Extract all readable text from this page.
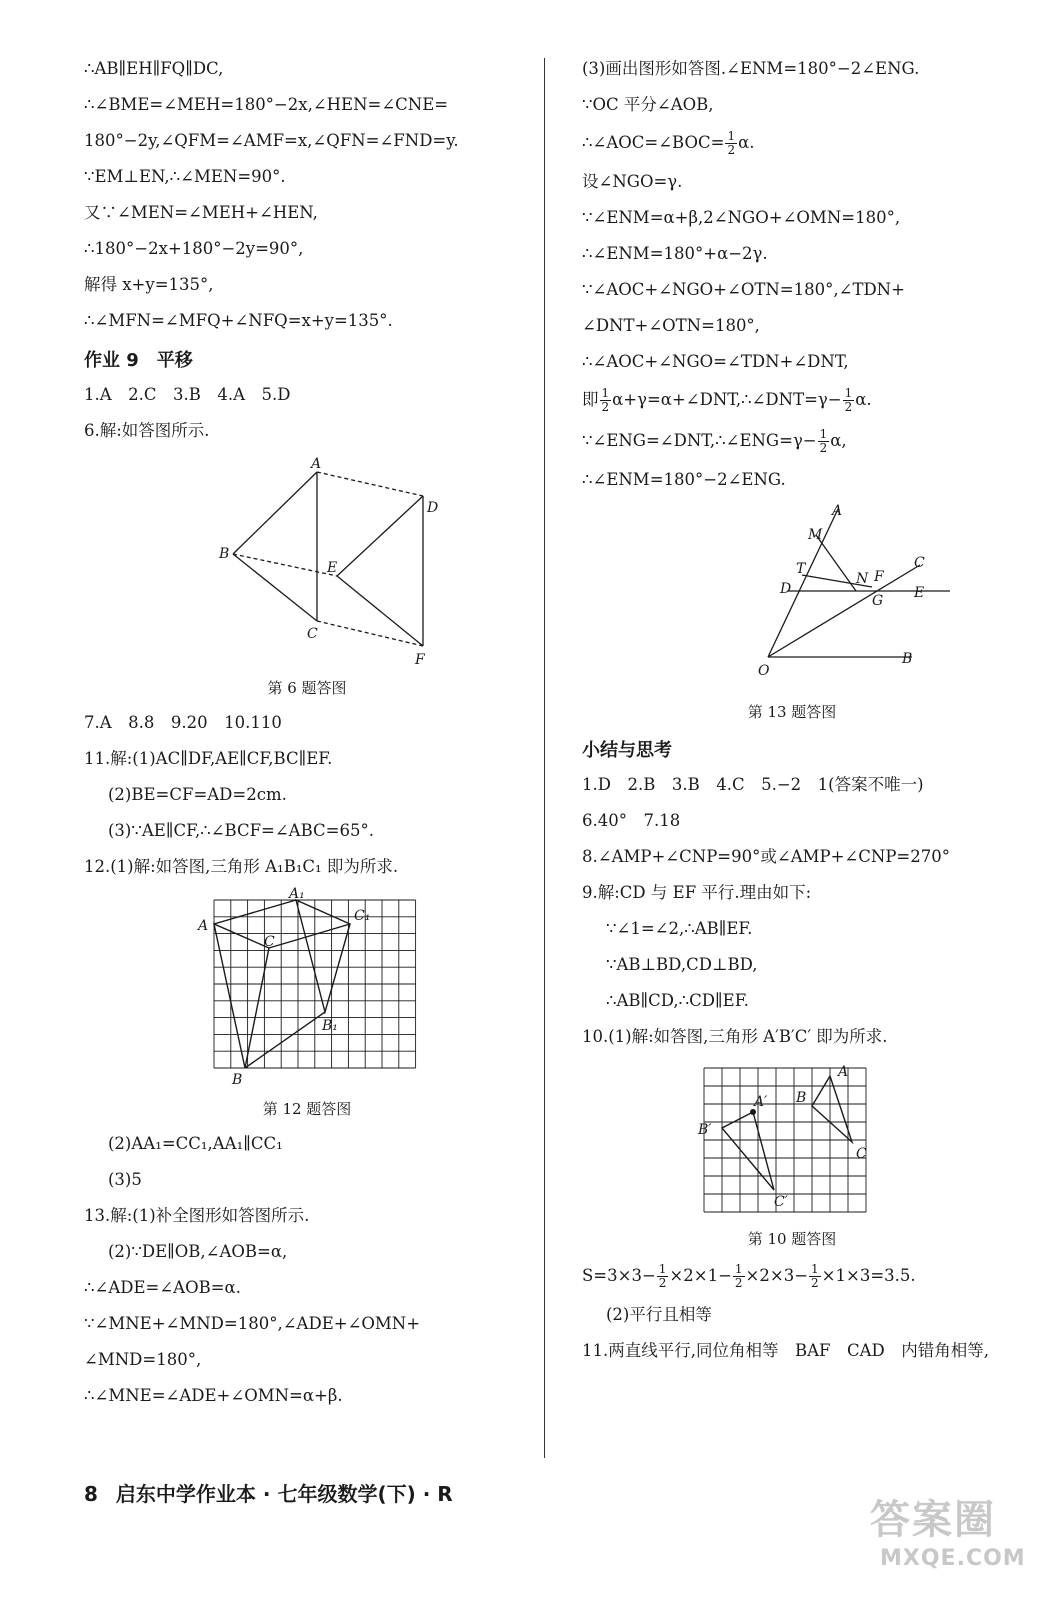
∴AB∥EH∥FQ∥DC,

∴∠BME=∠MEH=180°−2x,∠HEN=∠CNE=

180°−2y,∠QFM=∠AMF=x,∠QFN=∠FND=y.

∵EM⊥EN,∴∠MEN=90°.

又∵∠MEN=∠MEH+∠HEN,

∴180°−2x+180°−2y=90°,

解得 x+y=135°,

∴∠MFN=∠MFQ+∠NFQ=x+y=135°.

作业 9　平移

1.A　2.C　3.B　4.A　5.D

6.解:如答图所示.

A
B
C
D
E
F

第 6 题答图

7.A　8.8　9.20　10.110

11.解:(1)AC∥DF,AE∥CF,BC∥EF.

(2)BE=CF=AD=2cm.

(3)∵AE∥CF,∴∠BCF=∠ABC=65°.

12.(1)解:如答图,三角形 A₁B₁C₁ 即为所求.

A
A₁
B
B₁
C
C₁

第 12 题答图

(2)AA₁=CC₁,AA₁∥CC₁

(3)5

13.解:(1)补全图形如答图所示.

(2)∵DE∥OB,∠AOB=α,

∴∠ADE=∠AOB=α.

∵∠MNE+∠MND=180°,∠ADE+∠OMN+

∠MND=180°,

∴∠MNE=∠ADE+∠OMN=α+β.

(3)画出图形如答图.∠ENM=180°−2∠ENG.

∵OC 平分∠AOB,

∴∠AOC=∠BOC= $\frac{1}{2} \alpha$.

设∠NGO=γ.

∵∠ENM=α+β,2∠NGO+∠OMN=180°,

∴∠ENM=180°+α−2γ.

∵∠AOC+∠NGO+∠OTN=180°,∠TDN+

∠DNT+∠OTN=180°,

∴∠AOC+∠NGO=∠TDN+∠DNT,

即 $\frac{1}{2}$ α+γ=α+∠DNT,∴∠DNT=γ− $\frac{1}{2} \alpha$.

∵∠ENG=∠DNT,∴∠ENG=γ− $\frac{1}{2} \alpha$,

∴∠ENM=180°−2∠ENG.

A
M
T
D
N F
G
C
E
O
B

第 13 题答图

小结与思考

1.D　2.B　3.B　4.C　5.−2　1(答案不唯一)

6.40°　7.18

8.∠AMP+∠CNP=90°或∠AMP+∠CNP=270°

9.解:CD 与 EF 平行.理由如下:

∵∠1=∠2,∴AB∥EF.

∵AB⊥BD,CD⊥BD,

∴AB∥CD,∴CD∥EF.

10.(1)解:如答图,三角形 A′B′C′ 即为所求.

A
B
C
A′
B′
C′

第 10 题答图

$S=3\times 3- \frac{1}{2} \times 2\times 1- \frac{1}{2} \times 2\times 3- \frac{1}{2} \times 1\times 3=3.5$.

(2)平行且相等

11.两直线平行,同位角相等　BAF　CAD　内错角相等,

8 启东中学作业本 · 七年级数学(下) · R
答案圈
MXQE.COM
